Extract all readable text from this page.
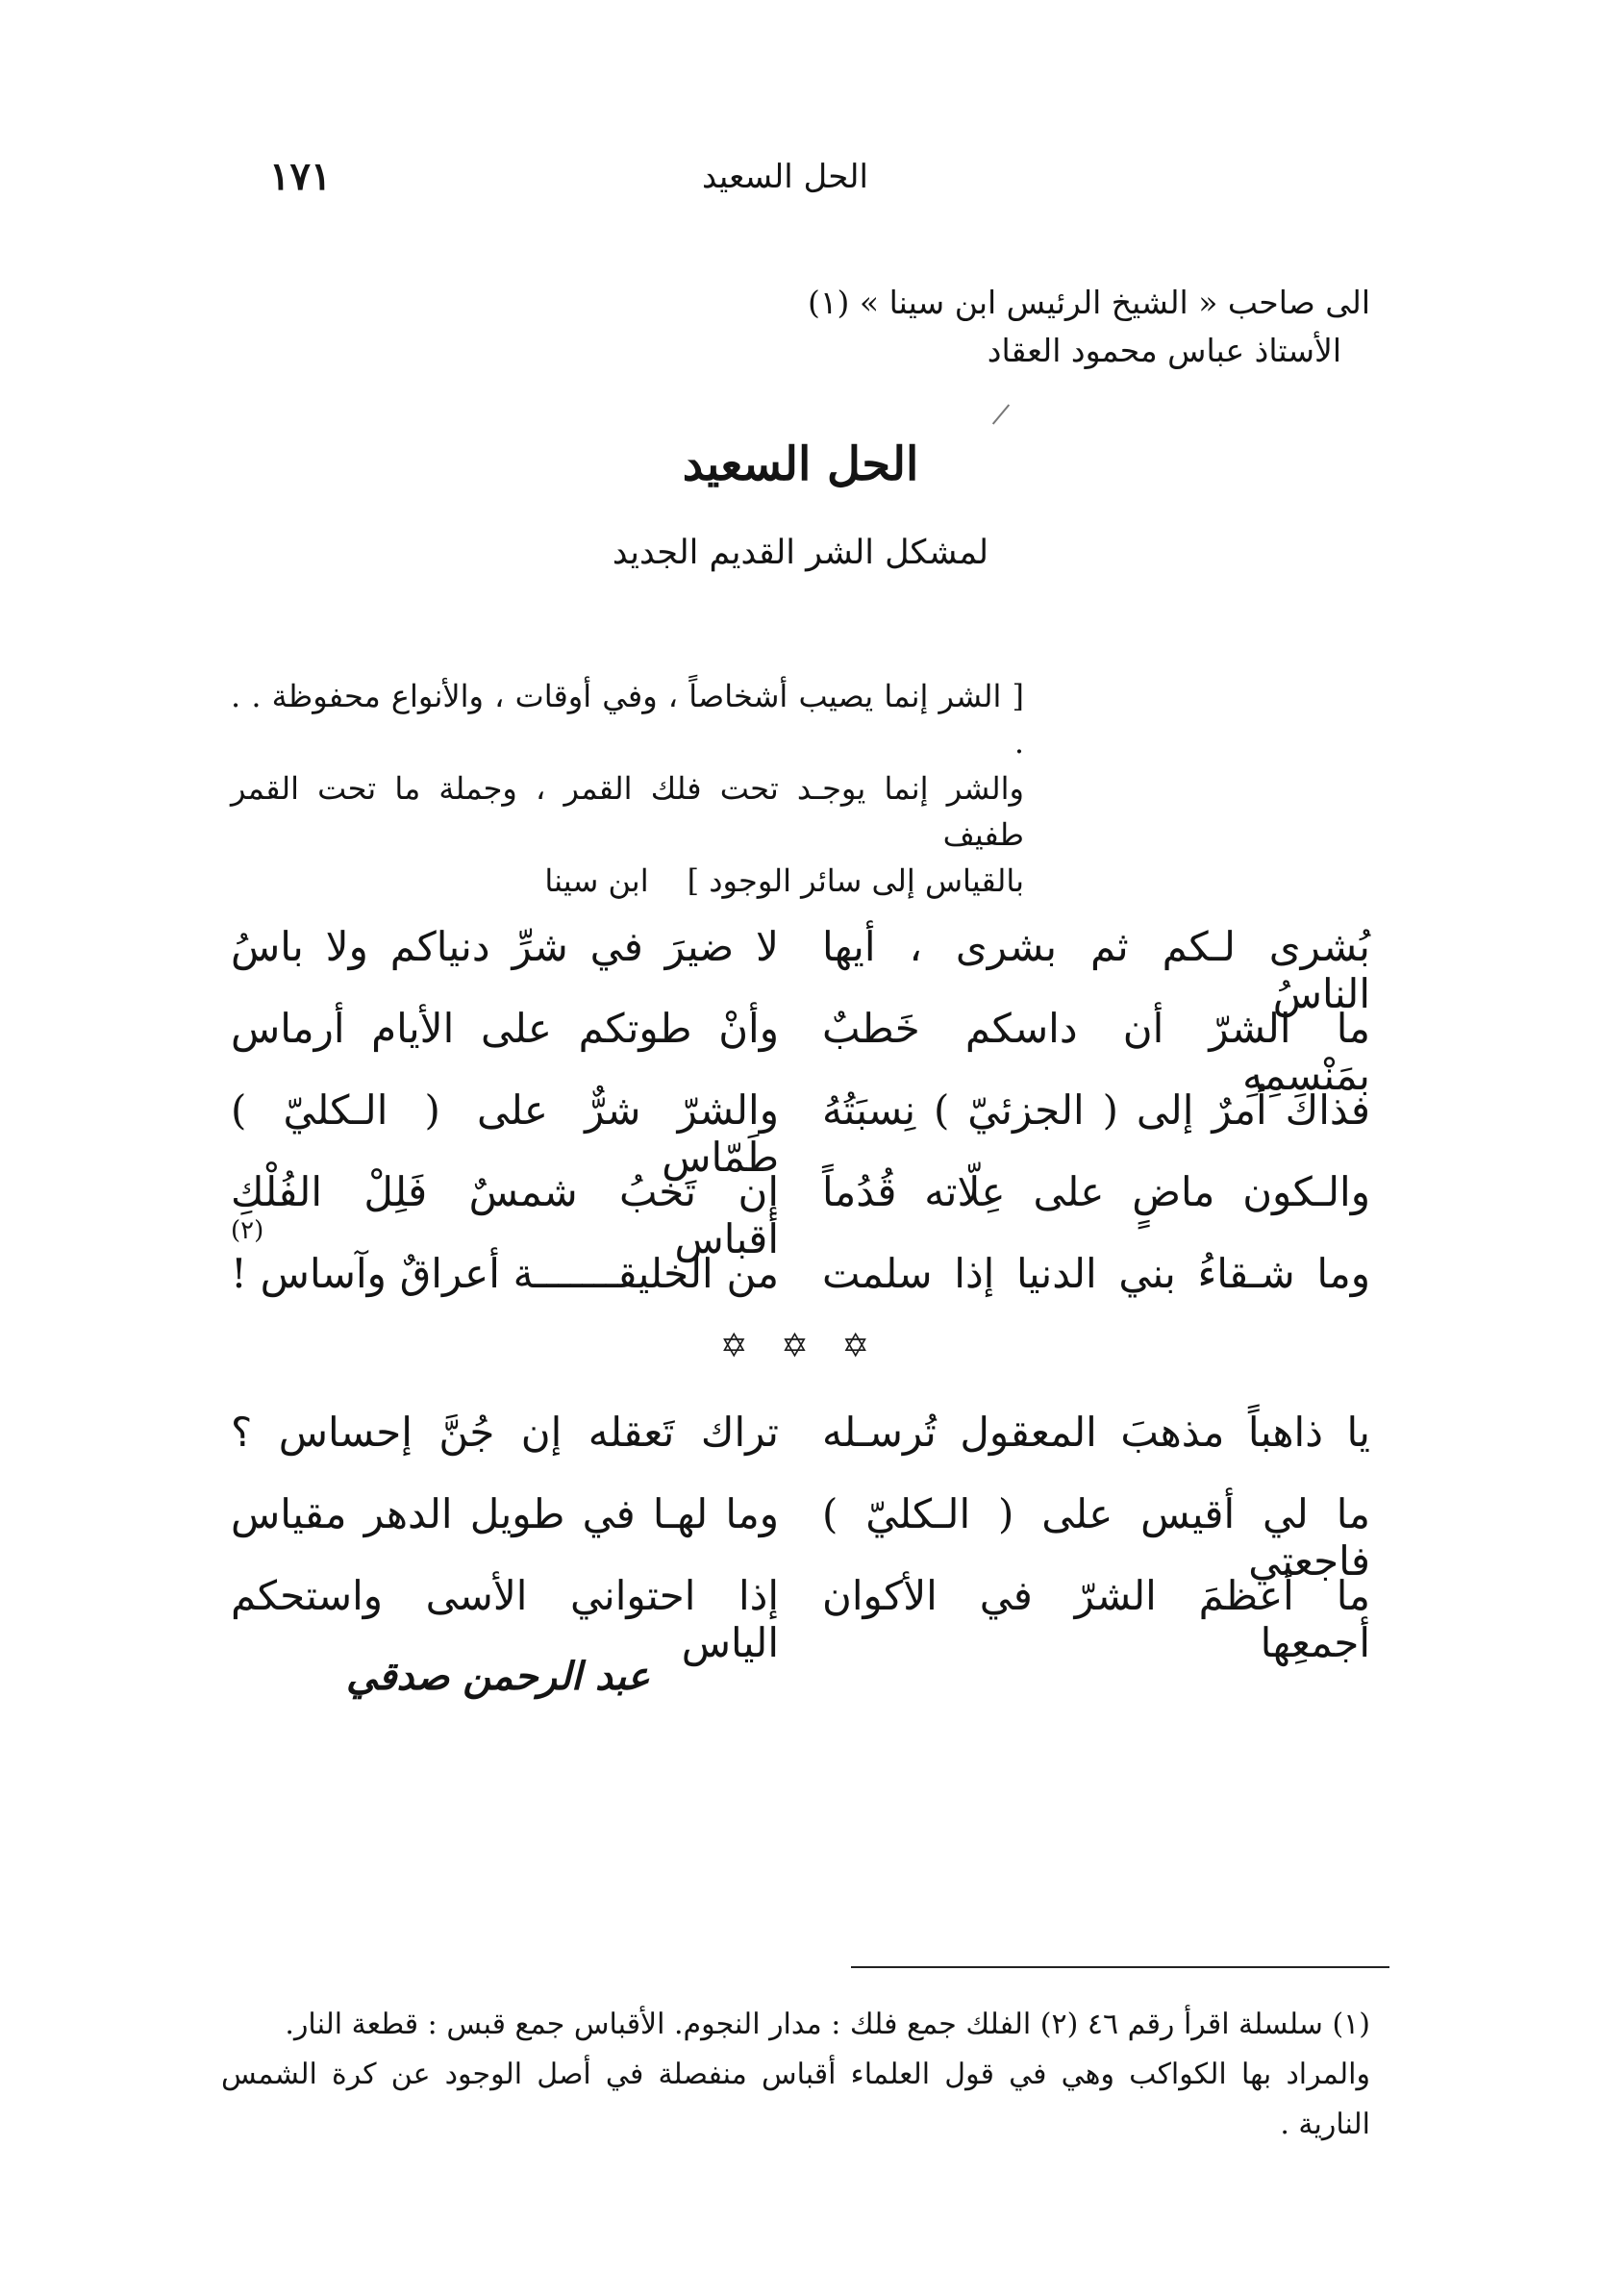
١٧١	الحل السعيد
الى صاحب « الشيخ الرئيس ابن سينا » (١)
الأستاذ عباس محمود العقاد
الحل السعيد
لمشكل الشر القديم الجديد
[ الشر إنما يصيب أشخاصاً ، وفي أوقات ، والأنواع محفوظة . . .
والشر إنما يوجـد تحت فلك القمر ، وجملة ما تحت القمر طفيف
بالقياس إلى سائر الوجود ]
ابن سينا
بُشرى لـكم ثم بشرى ، أيها الناسُ
لا ضيرَ في شرِّ دنياكم ولا باسُ
ما الشرّ أن داسكم خَطبٌ بمَنْسِمِهِ
وأنْ طوتكم على الأيام أرماس
فذاك أمرٌ إلى ( الجزئيّ ) نِسبَتُهُ
والشرّ شرٌّ على ( الـكليّ ) طَمّاس
والـكون ماضٍ على عِلّاته قُدُماً
إن تَخبُ شمسٌ فَلِلْ الفُلْكِ أقباس $^{(٢)}$
وما شـقاءُ بني الدنيا إذا سلمت
من الخليقـــــــة أعراقٌ وآساس !
✡ ✡ ✡
يا ذاهباً مذهبَ المعقول تُرسـله
تراك تَعقله إن جُنَّ إحساس ؟
ما لي أقيس على ( الـكليّ ) فاجعتي
وما لهـا في طويل الدهر مقياس
ما أعظمَ الشرّ في الأكوان أجمعِها
إذا احتواني الأسى واستحكم الياس
عبد الرحمن صدقي
(١) سلسلة اقرأ رقم ٤٦ (٢) الفلك جمع فلك : مدار النجوم. الأقباس جمع قبس : قطعة النار.
والمراد بها الكواكب وهي في قول العلماء أقباس منفصلة في أصل الوجود عن كرة الشمس النارية .
